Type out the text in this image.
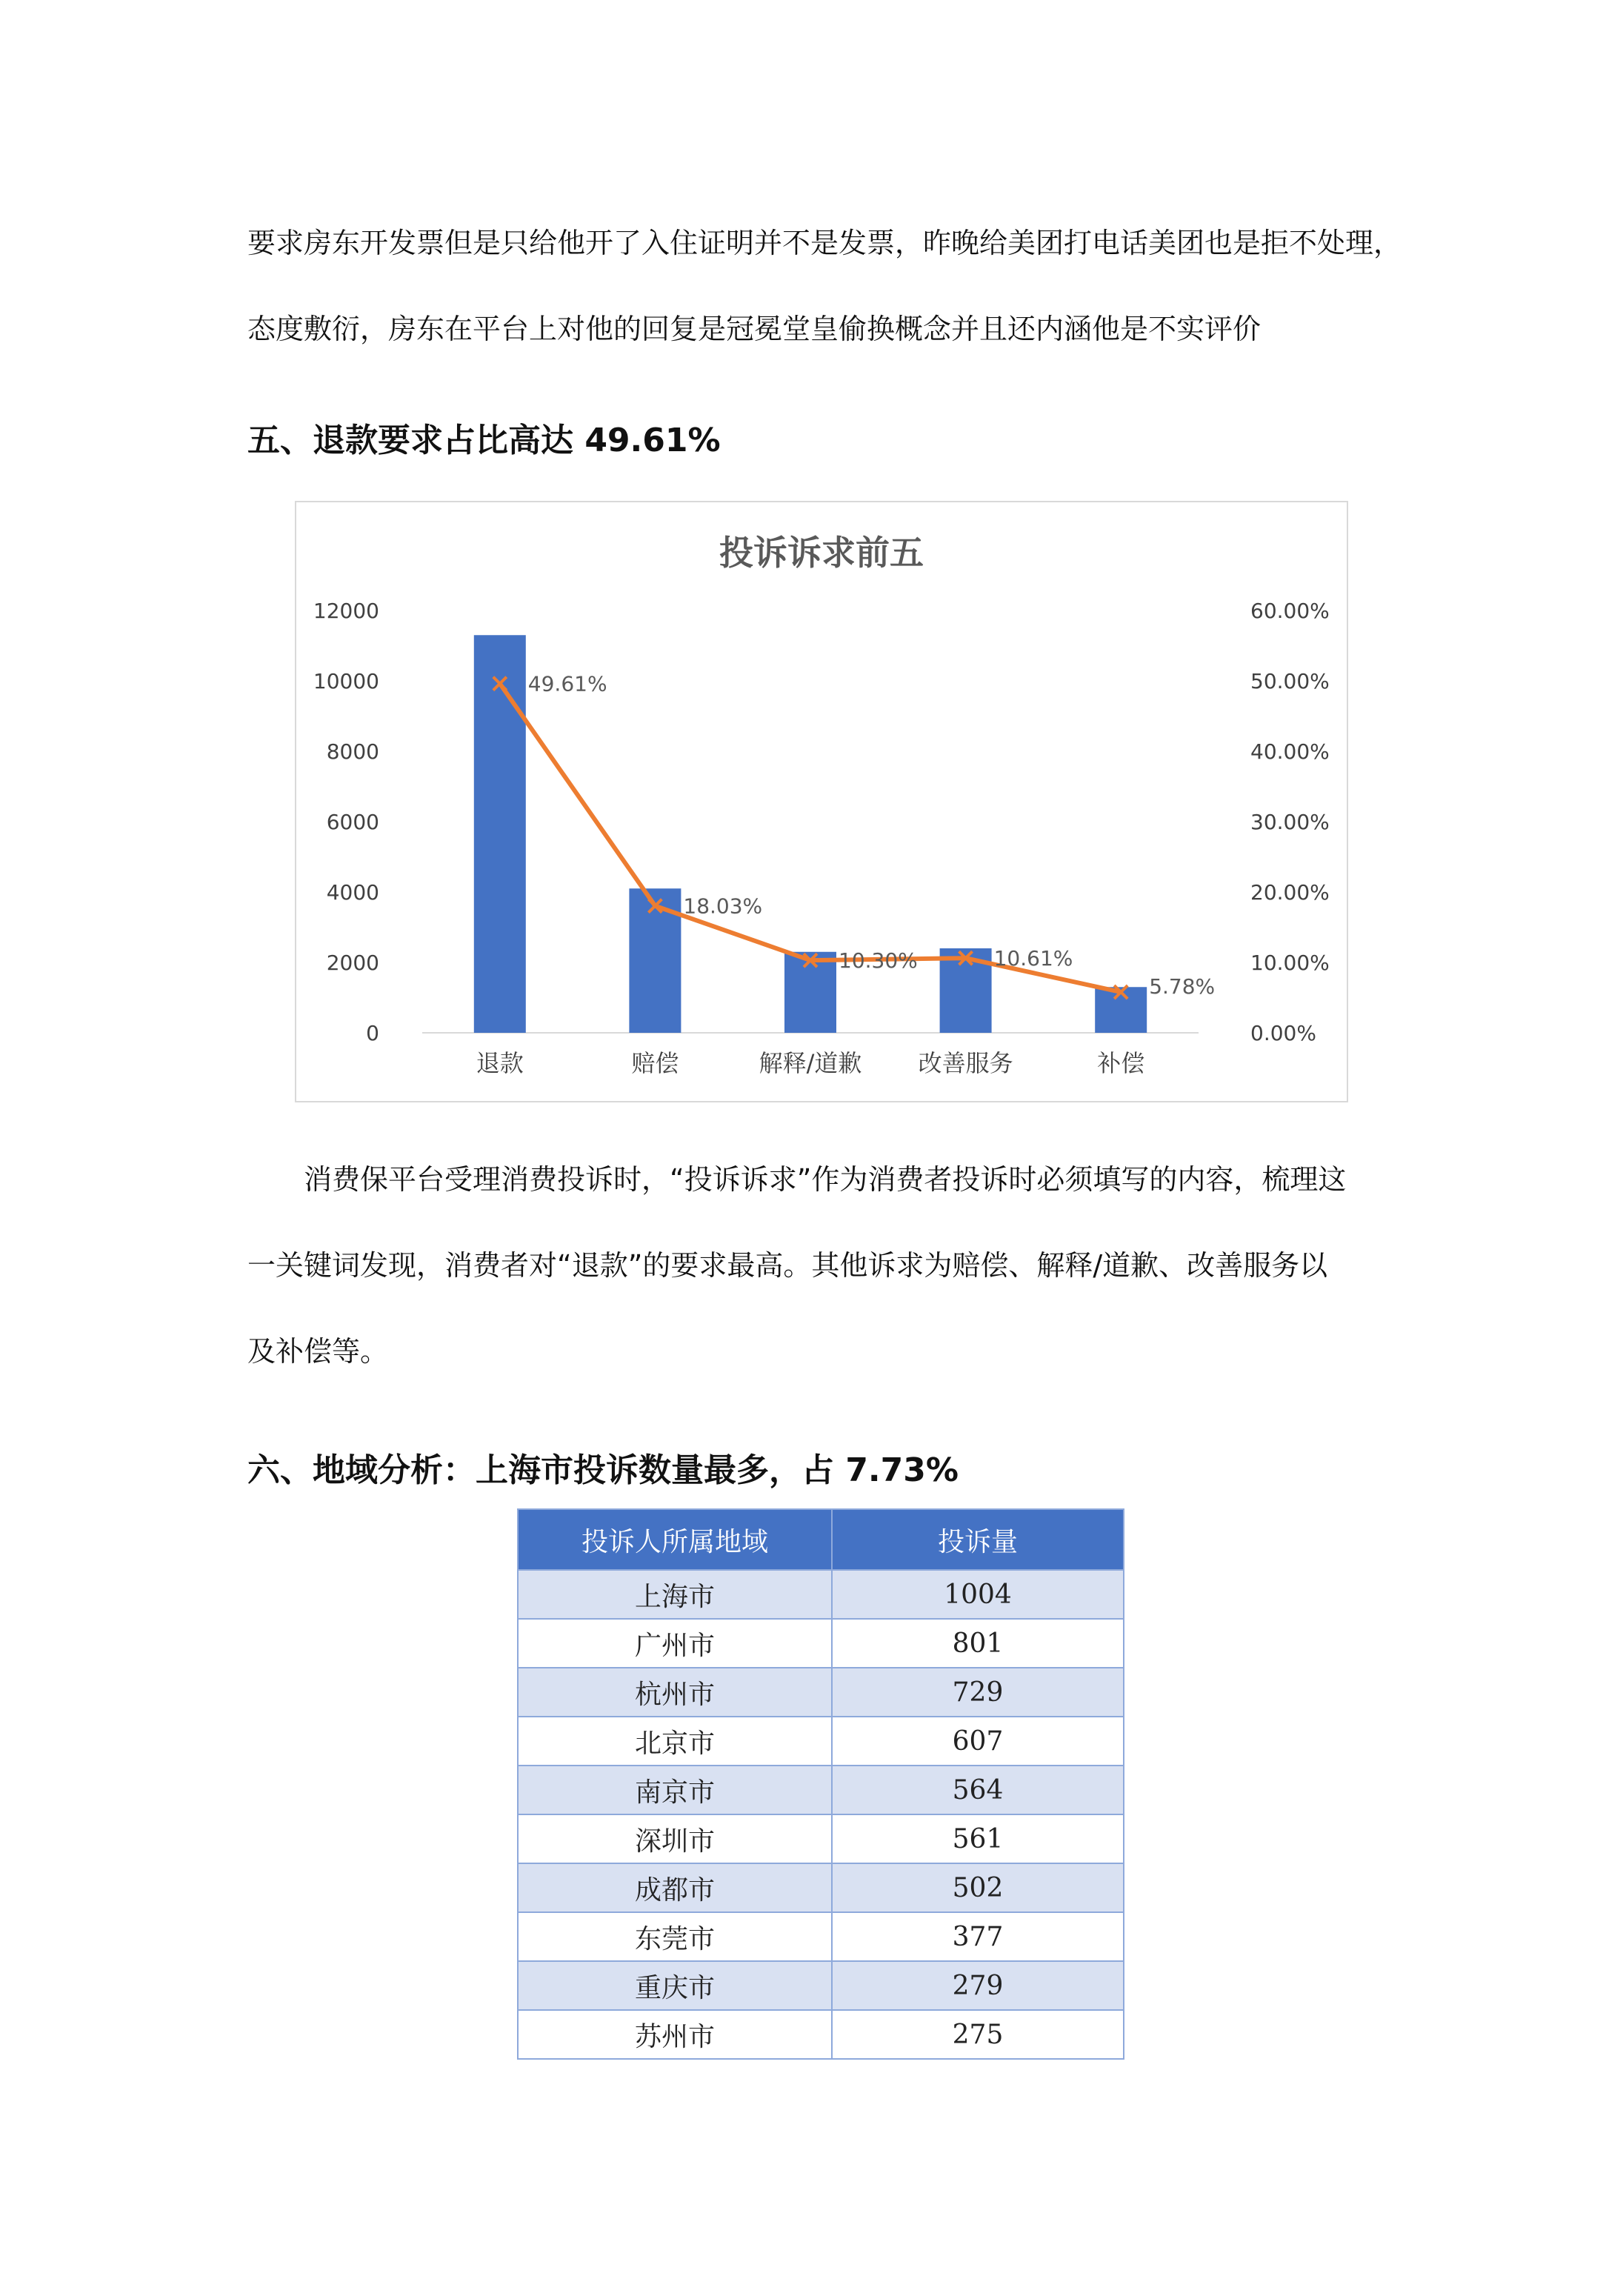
要求房东开发票但是只给他开了入住证明并不是发票，昨晚给美团打电话美团也是拒不处理，
态度敷衍，房东在平台上对他的回复是冠冕堂皇偷换概念并且还内涵他是不实评价
五、退款要求占比高达 49.61%
投诉诉求前五
0
2000
4000
6000
8000
10000
12000
0.00%
10.00%
20.00%
30.00%
40.00%
50.00%
60.00%
退款	赔偿	解释/道歉 改善服务	补偿
49.61%
18.03%
10.30%	10.61%
5.78%
　　消费保平台受理消费投诉时，“投诉诉求”作为消费者投诉时必须填写的内容，梳理这
一关键词发现，消费者对“退款”的要求最高。其他诉求为赔偿、解释/道歉、改善服务以
及补偿等。
六、地域分析：上海市投诉数量最多，占 7.73%
投诉人所属地域	投诉量
上海市	1004
广州市	801
杭州市	729
北京市	607
南京市	564
深圳市	561
成都市	502
东莞市	377
重庆市	279
苏州市	275
